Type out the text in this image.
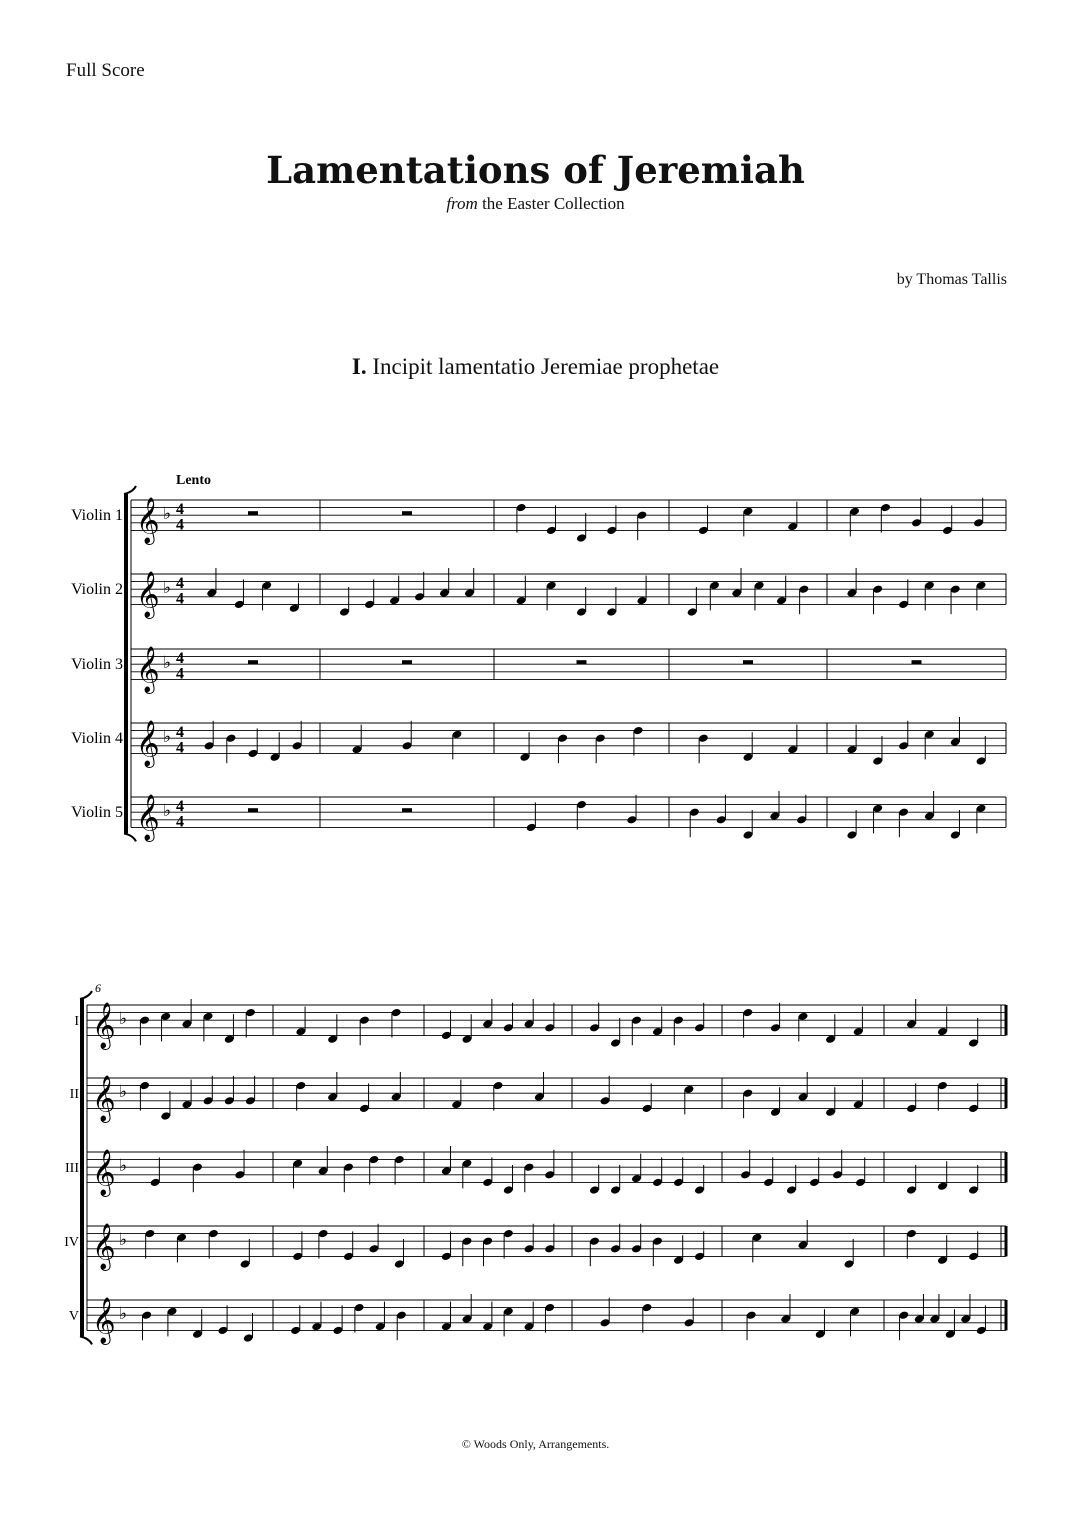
Full Score
Lamentations of Jeremiah
from the Easter Collection
by Thomas Tallis
I. Incipit lamentatio Jeremiae prophetae
© Woods Only, Arrangements.
Lento
6
Violin 1 𝄞 ♭ 4
4
Violin 2 𝄞 ♭ 4
4
Violin 3 𝄞 ♭ 4
4
Violin 4 𝄞 ♭ 4
4
Violin 5 𝄞 ♭ 4
4
I 𝄞 ♭
II 𝄞 ♭
III 𝄞 ♭
IV 𝄞 ♭
V 𝄞 ♭
